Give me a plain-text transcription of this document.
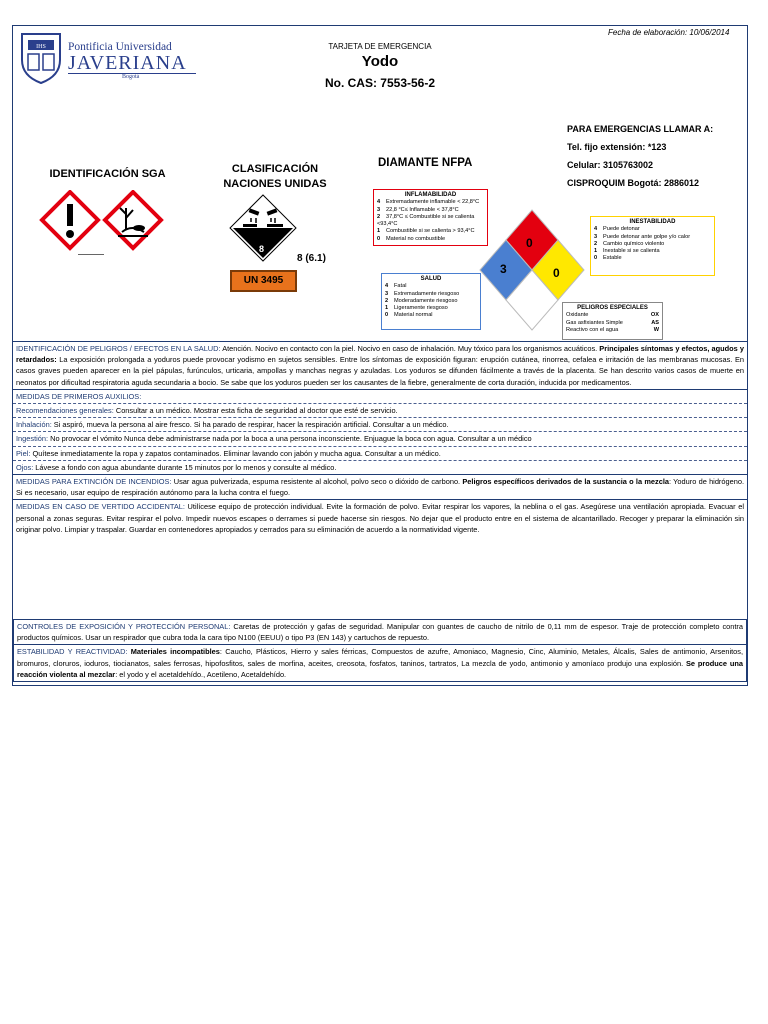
Fecha de elaboración: 10/06/2014
IHS Pontificia Universidad
JAVERIANA
Bogotá
TARJETA DE EMERGENCIA
Yodo
No. CAS: 7553-56-2
IDENTIFICACIÓN SGA	CLASIFICACIÓN
NACIONES UNIDAS
8
8 (6.1)
UN 3495
DIAMANTE NFPA
0
3	0
INFLAMABILIDAD
4 Extremadamente inflamable < 22,8°C
3 22,8 °C≤ Inflamable < 37,8°C
2 37,8°C ≤ Combustible si se calienta <93,4°C
1 Combustible si se calienta > 93,4°C
0 Material no combustible
INESTABILIDAD
4 Puede detonar
3 Puede detonar ante golpe y/o calor
2 Cambio químico violento
1 Inestable si se calienta
0 Estable
SALUD
4 Fatal
3 Extremadamente riesgoso
2 Moderadamente riesgoso
1 Ligeramente riesgoso
0 Material normal
PELIGROS ESPECIALES
Oxidante	OX
Gas asfixiantes Simple	AS
Reactivo con el agua	W
PARA EMERGENCIAS LLAMAR A:
Tel. fijo extensión: *123
Celular: 3105763002
CISPROQUIM Bogotá: 2886012
IDENTIFICACIÓN DE PELIGROS / EFECTOS EN LA SALUD: Atención. Nocivo en contacto con la piel. Nocivo en caso de inhalación. Muy tóxico para los organismos acuáticos. Principales síntomas y efectos, agudos y retardados: La exposición prolongada a yoduros puede provocar yodismo en sujetos sensibles. Entre los síntomas de exposición figuran: erupción cutánea, rinorrea, cefalea e irritación de las membranas mucosas. En casos graves pueden aparecer en la piel pápulas, furúnculos, urticaria, ampollas y manchas negras y azuladas. Los yoduros se difunden fácilmente a través de la placenta. Se han descrito varios casos de muerte en neonatos por dificultad respiratoria aguda secundaria a bocio. Se sabe que los yoduros pueden ser los causantes de la fiebre, generalmente de corta duración, inducida por medicamentos.
MEDIDAS DE PRIMEROS AUXILIOS:
Recomendaciones generales: Consultar a un médico. Mostrar esta ficha de seguridad al doctor que esté de servicio.
Inhalación: Si aspiró, mueva la persona al aire fresco. Si ha parado de respirar, hacer la respiración artificial. Consultar a un médico.
Ingestión: No provocar el vómito Nunca debe administrarse nada por la boca a una persona inconsciente. Enjuague la boca con agua. Consultar a un médico
Piel: Quítese inmediatamente la ropa y zapatos contaminados. Eliminar lavando con jabón y mucha agua. Consultar a un médico.
Ojos: Lávese a fondo con agua abundante durante 15 minutos por lo menos y consulte al médico.
MEDIDAS PARA EXTINCIÓN DE INCENDIOS: Usar agua pulverizada, espuma resistente al alcohol, polvo seco o dióxido de carbono. Peligros específicos derivados de la sustancia o la mezcla: Yoduro de hidrógeno. Si es necesario, usar equipo de respiración autónomo para la lucha contra el fuego.
MEDIDAS EN CASO DE VERTIDO ACCIDENTAL: Utilícese equipo de protección individual. Evite la formación de polvo. Evitar respirar los vapores, la neblina o el gas. Asegúrese una ventilación apropiada. Evacuar el personal a zonas seguras. Evitar respirar el polvo. Impedir nuevos escapes o derrames si puede hacerse sin riesgos. No dejar que el producto entre en el sistema de alcantarillado. Recoger y preparar la eliminación sin originar polvo. Limpiar y traspalar. Guardar en contenedores apropiados y cerrados para su eliminación de acuerdo a la normatividad vigente.
CONTROLES DE EXPOSICIÓN Y PROTECCIÓN PERSONAL: Caretas de protección y gafas de seguridad. Manipular con guantes de caucho de nitrilo de 0,11 mm de espesor. Traje de protección completo contra productos químicos. Usar un respirador que cubra toda la cara tipo N100 (EEUU) o tipo P3 (EN 143) y cartuchos de repuesto.
ESTABILIDAD Y REACTIVIDAD: Materiales incompatibles: Caucho, Plásticos, Hierro y sales férricas, Compuestos de azufre, Amoniaco, Magnesio, Cinc, Aluminio, Metales, Álcalis, Sales de antimonio, Arsenitos, bromuros, cloruros, ioduros, tiocianatos, sales ferrosas, hipofosfitos, sales de morfina, aceites, creosota, fosfatos, taninos, tartratos, La mezcla de yodo, antimonio y amoníaco produjo una explosión. Se produce una reacción violenta al mezclar: el yodo y el acetaldehído., Acetileno, Acetaldehído.
